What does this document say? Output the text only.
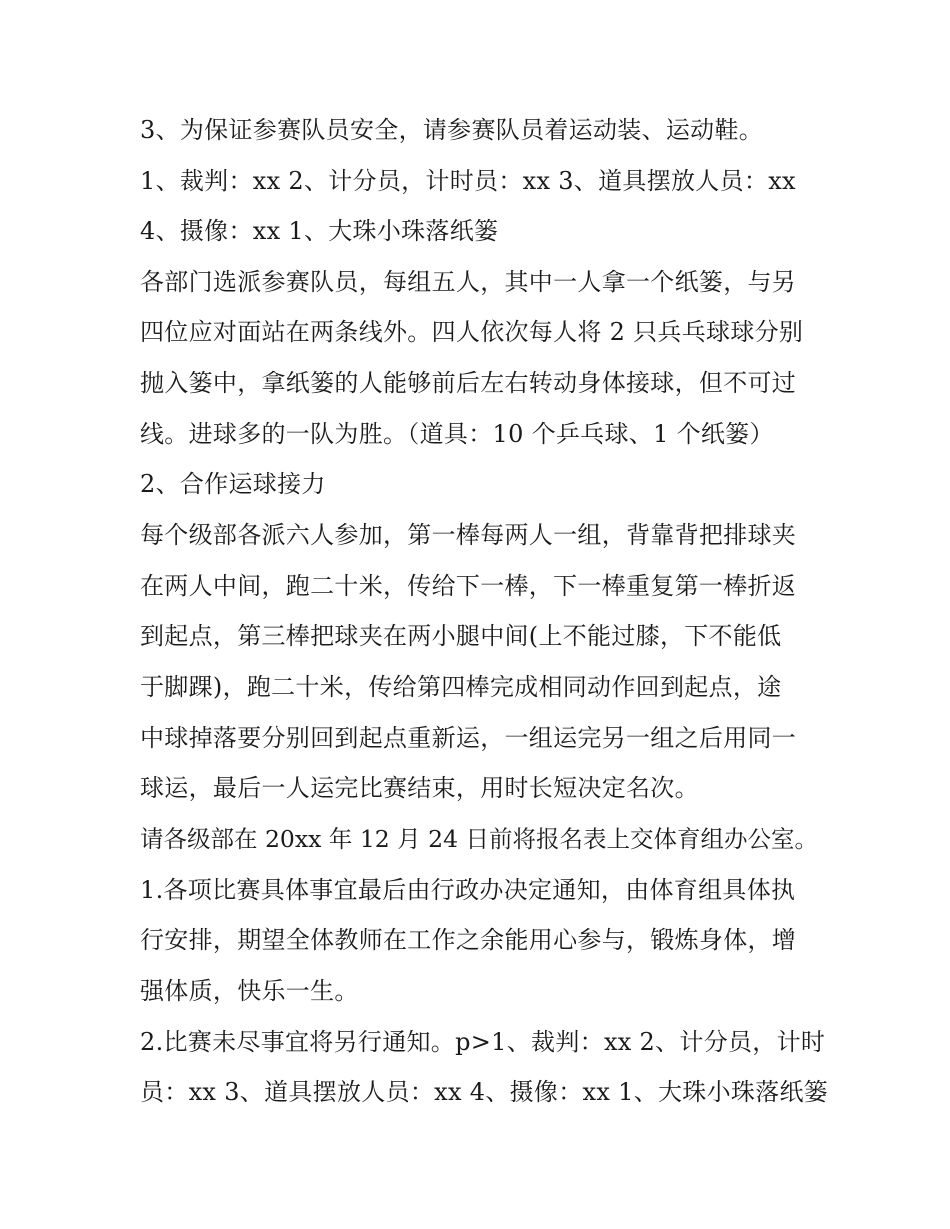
3、为保证参赛队员安全，请参赛队员着运动装、运动鞋。
1、裁判：xx 2、计分员，计时员：xx 3、道具摆放人员：xx
4、摄像：xx 1、大珠小珠落纸篓
各部门选派参赛队员，每组五人，其中一人拿一个纸篓，与另
四位应对面站在两条线外。四人依次每人将 2 只兵乓球球分别
抛入篓中，拿纸篓的人能够前后左右转动身体接球，但不可过
线。进球多的一队为胜。（道具：10 个乒乓球、1 个纸篓）
2、合作运球接力
每个级部各派六人参加，第一棒每两人一组，背靠背把排球夹
在两人中间，跑二十米，传给下一棒，下一棒重复第一棒折返
到起点，第三棒把球夹在两小腿中间(上不能过膝，下不能低
于脚踝)，跑二十米，传给第四棒完成相同动作回到起点，途
中球掉落要分别回到起点重新运，一组运完另一组之后用同一
球运，最后一人运完比赛结束，用时长短决定名次。
请各级部在 20xx 年 12 月 24 日前将报名表上交体育组办公室。
1.各项比赛具体事宜最后由行政办决定通知，由体育组具体执
行安排，期望全体教师在工作之余能用心参与，锻炼身体，增
强体质，快乐一生。
2.比赛未尽事宜将另行通知。p>1、裁判：xx 2、计分员，计时
员：xx 3、道具摆放人员：xx 4、摄像：xx 1、大珠小珠落纸篓
